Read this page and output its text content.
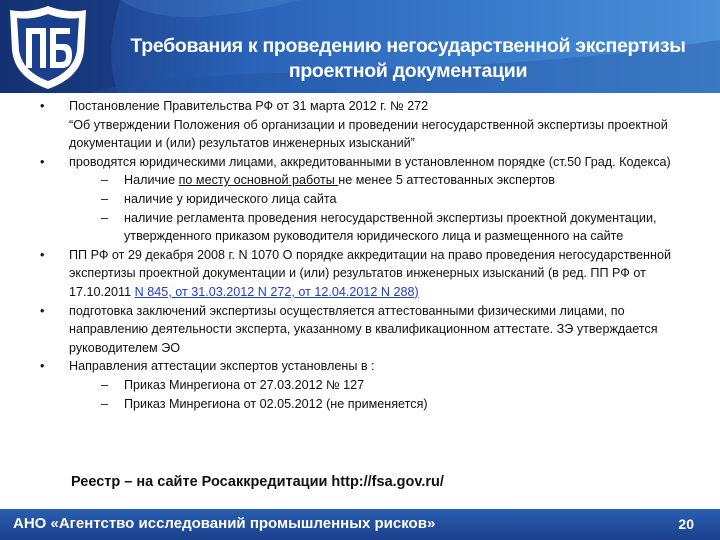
Требования к проведению негосударственной экспертизы
проектной документации
• Постановление Правительства РФ от 31 марта 2012 г. № 272
“Об утверждении Положения об организации и проведении негосударственной экспертизы проектной документации и (или) результатов инженерных изысканий”
• проводятся юридическими лицами, аккредитованными в установленном порядке (ст.50 Град. Кодекса)
– Наличие по месту основной работы не менее 5 аттестованных экспертов
– наличие у юридического лица сайта
– наличие регламента проведения негосударственной экспертизы проектной документации, утвержденного приказом руководителя юридического лица и размещенного на сайте
• ПП РФ от 29 декабря 2008 г. N 1070 О порядке аккредитации на право проведения негосударственной экспертизы проектной документации и (или) результатов инженерных изысканий (в ред. ПП РФ от 17.10.2011 N 845, от 31.03.2012 N 272, от 12.04.2012 N 288)
• подготовка заключений экспертизы осуществляется аттестованными физическими лицами, по направлению деятельности эксперта, указанному в квалификационном аттестате. ЗЭ утверждается руководителем ЭО
• Направления аттестации экспертов установлены в :
– Приказ Минрегиона от 27.03.2012 № 127
– Приказ Минрегиона от 02.05.2012 (не применяется)
Реестр – на сайте Росаккредитации http://fsa.gov.ru/
АНО «Агентство исследований промышленных рисков»	20
